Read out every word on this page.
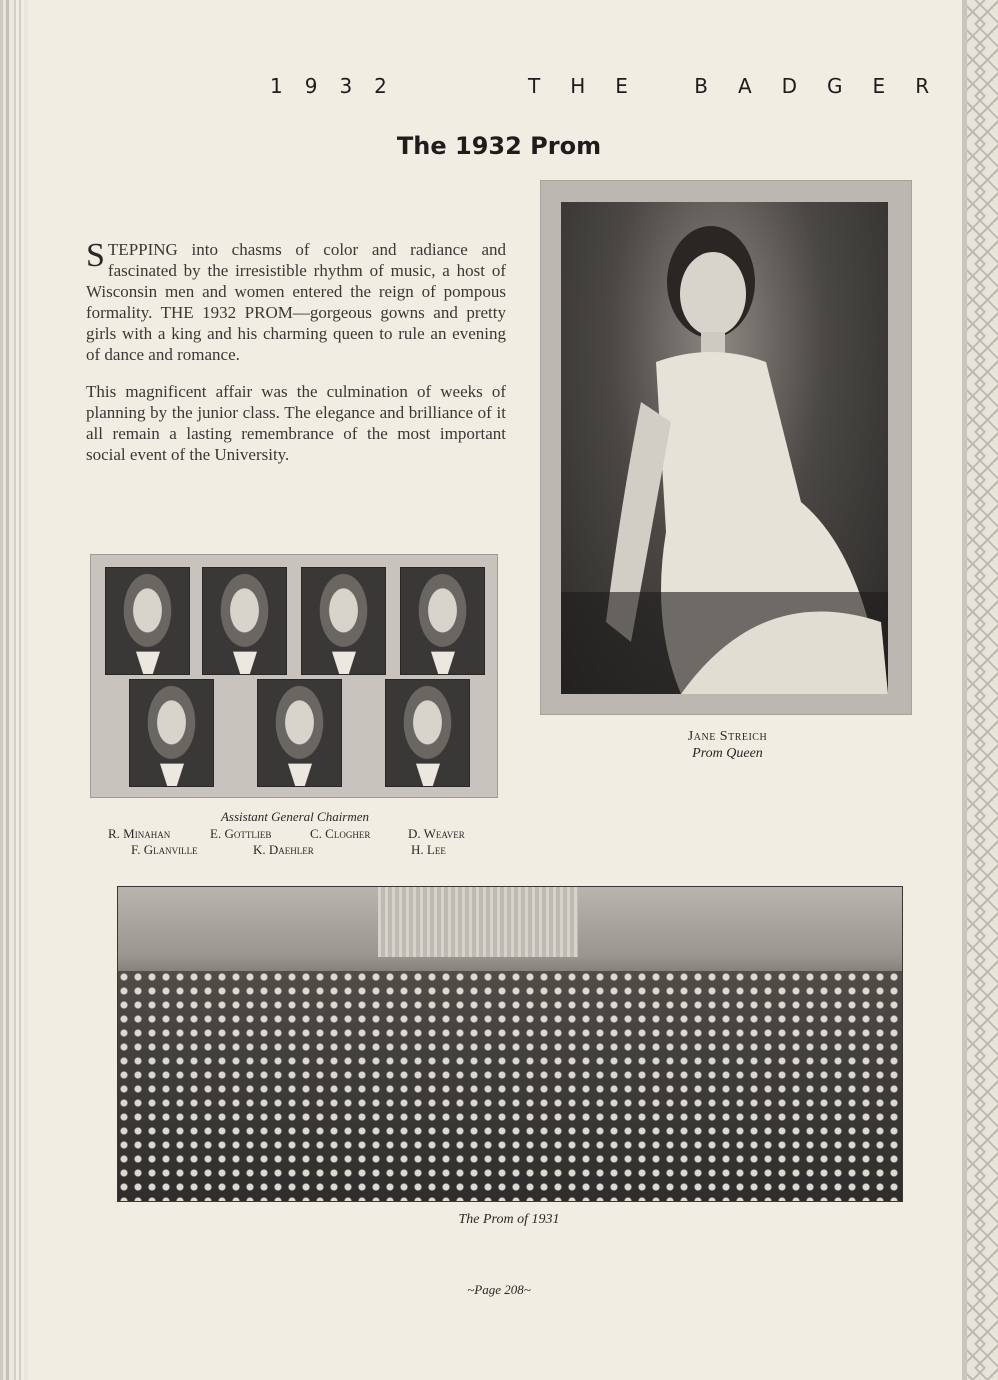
1932	THE BADGER
The 1932 Prom

STEPPING into chasms of color and radiance and fascinated by the irresistible rhythm of music, a host of Wisconsin men and women entered the reign of pompous formality. THE 1932 PROM—gorgeous gowns and pretty girls with a king and his charming queen to rule an evening of dance and romance.

This magnificent affair was the culmination of weeks of planning by the junior class. The elegance and brilliance of it all remain a lasting remembrance of the most important social event of the University.

Jane Streich
Prom Queen
Assistant General Chairmen
R. Minahan	E. Gottlieb	C. Clogher	D. Weaver
F. Glanville	K. Daehler	H. Lee
The Prom of 1931
~Page 208~
